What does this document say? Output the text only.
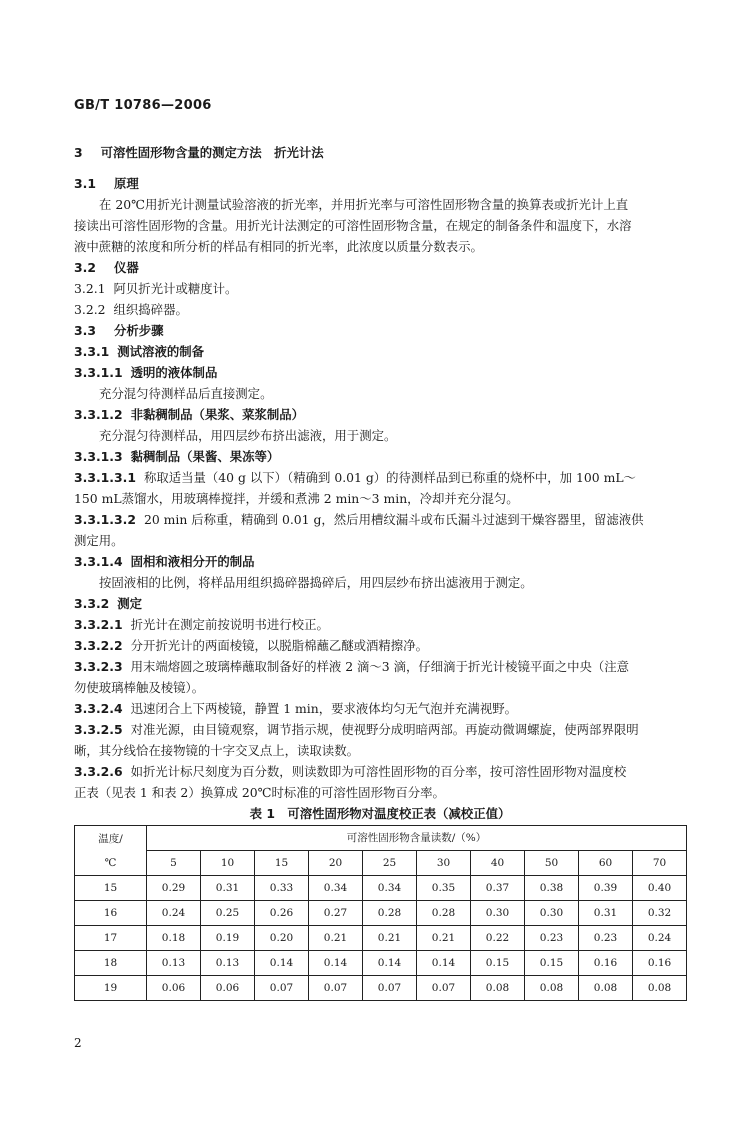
GB/T 10786—2006
3 可溶性固形物含量的测定方法　折光计法
3.1 原理
在 20℃用折光计测量试验溶液的折光率，并用折光率与可溶性固形物含量的换算表或折光计上直
接读出可溶性固形物的含量。用折光计法测定的可溶性固形物含量，在规定的制备条件和温度下，水溶
液中蔗糖的浓度和所分析的样品有相同的折光率，此浓度以质量分数表示。
3.2 仪器
3.2.1 阿贝折光计或糖度计。
3.2.2 组织捣碎器。
3.3 分析步骤
3.3.1 测试溶液的制备
3.3.1.1 透明的液体制品
充分混匀待测样品后直接测定。
3.3.1.2 非黏稠制品（果浆、菜浆制品）
充分混匀待测样品，用四层纱布挤出滤液，用于测定。
3.3.1.3 黏稠制品（果酱、果冻等）
3.3.1.3.1 称取适当量（40 g 以下）（精确到 0.01 g）的待测样品到已称重的烧杯中，加 100 mL～
150 mL蒸馏水，用玻璃棒搅拌，并缓和煮沸 2 min～3 min，冷却并充分混匀。
3.3.1.3.2 20 min 后称重，精确到 0.01 g，然后用槽纹漏斗或布氏漏斗过滤到干燥容器里，留滤液供
测定用。
3.3.1.4 固相和液相分开的制品
按固液相的比例，将样品用组织捣碎器捣碎后，用四层纱布挤出滤液用于测定。
3.3.2 测定
3.3.2.1 折光计在测定前按说明书进行校正。
3.3.2.2 分开折光计的两面棱镜，以脱脂棉蘸乙醚或酒精擦净。
3.3.2.3 用末端熔圆之玻璃棒蘸取制备好的样液 2 滴～3 滴，仔细滴于折光计棱镜平面之中央（注意
勿使玻璃棒触及棱镜）。
3.3.2.4 迅速闭合上下两棱镜，静置 1 min，要求液体均匀无气泡并充满视野。
3.3.2.5 对准光源，由目镜观察，调节指示规，使视野分成明暗两部。再旋动微调螺旋，使两部界限明
晰，其分线恰在接物镜的十字交叉点上，读取读数。
3.3.2.6 如折光计标尺刻度为百分数，则读数即为可溶性固形物的百分率，按可溶性固形物对温度校
正表（见表 1 和表 2）换算成 20℃时标准的可溶性固形物百分率。
表 1　可溶性固形物对温度校正表（减校正值）
温度/
℃	可溶性固形物含量读数/（%）									
	5	10	15	20	25	30	40	50	60	70
15	0.29	0.31	0.33	0.34	0.34	0.35	0.37	0.38	0.39	0.40
16	0.24	0.25	0.26	0.27	0.28	0.28	0.30	0.30	0.31	0.32
17	0.18	0.19	0.20	0.21	0.21	0.21	0.22	0.23	0.23	0.24
18	0.13	0.13	0.14	0.14	0.14	0.14	0.15	0.15	0.16	0.16
19	0.06	0.06	0.07	0.07	0.07	0.07	0.08	0.08	0.08	0.08
2
